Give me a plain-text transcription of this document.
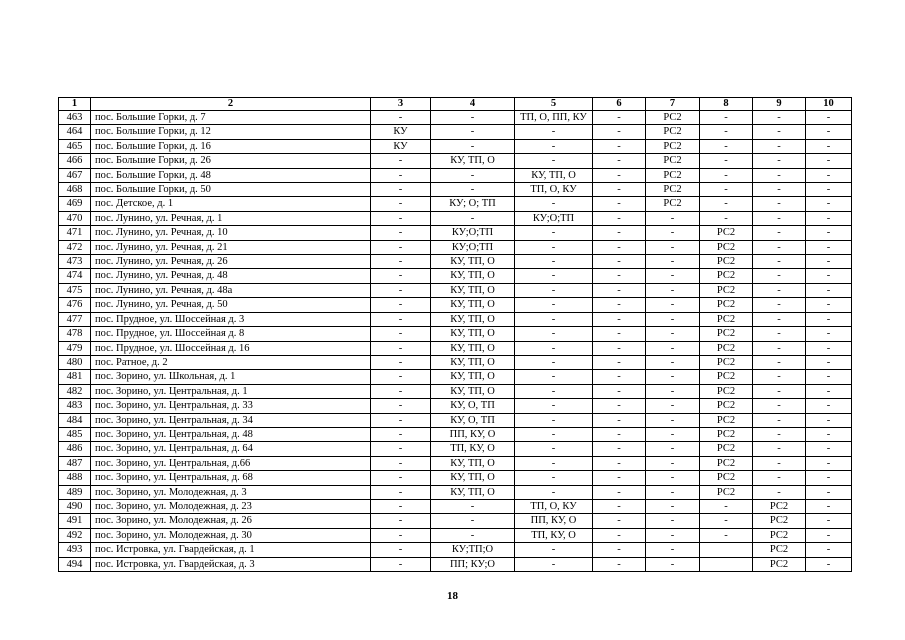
1	2	3	4	5	6	7	8	9	10
463	пос. Большие Горки, д. 7	-	-	ТП, О, ПП, КУ	-	РС2	-	-	-
464	пос. Большие Горки, д. 12	КУ	-	-	-	РС2	-	-	-
465	пос. Большие Горки, д. 16	КУ	-	-	-	РС2	-	-	-
466	пос. Большие Горки, д. 26	-	КУ, ТП, О	-	-	РС2	-	-	-
467	пос. Большие Горки, д. 48	-	-	КУ, ТП, О	-	РС2	-	-	-
468	пос. Большие Горки, д. 50	-	-	ТП, О, КУ	-	РС2	-	-	-
469	пос. Детское, д. 1	-	КУ; О; ТП	-	-	РС2	-	-	-
470	пос. Лунино, ул. Речная, д. 1	-	-	КУ;О;ТП	-	-	-	-	-
471	пос. Лунино, ул. Речная, д. 10	-	КУ;О;ТП	-	-	-	РС2	-	-
472	пос. Лунино, ул. Речная, д. 21	-	КУ;О;ТП	-	-	-	РС2	-	-
473	пос. Лунино, ул. Речная, д. 26	-	КУ, ТП, О	-	-	-	РС2	-	-
474	пос. Лунино, ул. Речная, д. 48	-	КУ, ТП, О	-	-	-	РС2	-	-
475	пос. Лунино, ул. Речная, д. 48а	-	КУ, ТП, О	-	-	-	РС2	-	-
476	пос. Лунино, ул. Речная, д. 50	-	КУ, ТП, О	-	-	-	РС2	-	-
477	пос. Прудное, ул. Шоссейная д. 3	-	КУ, ТП, О	-	-	-	РС2	-	-
478	пос. Прудное, ул. Шоссейная д. 8	-	КУ, ТП, О	-	-	-	РС2	-	-
479	пос. Прудное, ул. Шоссейная д. 16	-	КУ, ТП, О	-	-	-	РС2	-	-
480	пос. Ратное, д. 2	-	КУ, ТП, О	-	-	-	РС2	-	-
481	пос. Зорино, ул. Школьная, д. 1	-	КУ, ТП, О	-	-	-	РС2	-	-
482	пос. Зорино, ул. Центральная, д. 1	-	КУ, ТП, О	-	-	-	РС2	-	-
483	пос. Зорино, ул. Центральная, д. 33	-	КУ, О, ТП	-	-	-	РС2	-	-
484	пос. Зорино, ул. Центральная, д. 34	-	КУ, О, ТП	-	-	-	РС2	-	-
485	пос. Зорино, ул. Центральная, д. 48	-	ПП, КУ, О	-	-	-	РС2	-	-
486	пос. Зорино, ул. Центральная, д. 64	-	ТП, КУ, О	-	-	-	РС2	-	-
487	пос. Зорино, ул. Центральная, д.66	-	КУ, ТП, О	-	-	-	РС2	-	-
488	пос. Зорино, ул. Центральная, д. 68	-	КУ, ТП, О	-	-	-	РС2	-	-
489	пос. Зорино, ул. Молодежная, д. 3	-	КУ, ТП, О	-	-	-	РС2	-	-
490	пос. Зорино, ул. Молодежная, д. 23	-	-	ТП, О, КУ	-	-	-	РС2	-
491	пос. Зорино, ул. Молодежная, д. 26	-	-	ПП, КУ, О	-	-	-	РС2	-
492	пос. Зорино, ул. Молодежная, д. 30	-	-	ТП, КУ, О	-	-	-	РС2	-
493	пос. Истровка, ул. Гвардейская, д. 1	-	КУ;ТП;О	-	-	-		РС2	-
494	пос. Истровка, ул. Гвардейская, д. 3	-	ПП; КУ;О	-	-	-		РС2	-
18
